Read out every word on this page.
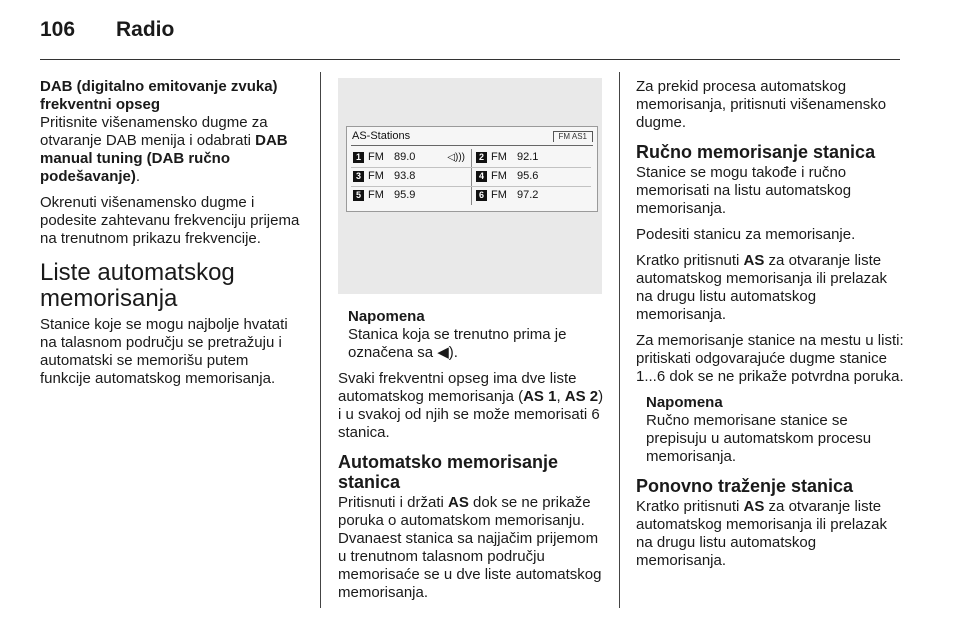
106 Radio

DAB (digitalno emitovanje zvuka) frekventni opseg

Pritisnite višenamensko dugme za otvaranje DAB menija i odabrati DAB manual tuning (DAB ručno podešavanje).

Okrenuti višenamensko dugme i podesite zahtevanu frekvenciju prijema na trenutnom prikazu frekvencije.

Liste automatskog memorisanja

Stanice koje se mogu najbolje hvatati na talasnom području se pretražuju i automatski se memorišu putem funkcije automatskog memorisanja.

AS-Stations	FM AS1
1 FM 89.0	◁)))	2 FM 92.1
3 FM 93.8	4 FM 95.6
5 FM 95.9	6 FM 97.2
Napomena
Stanica koja se trenutno prima je označena sa ◀).

Svaki frekventni opseg ima dve liste automatskog memorisanja (AS 1, AS 2) i u svakoj od njih se može memorisati 6 stanica.

Automatsko memorisanje stanica

Pritisnuti i držati AS dok se ne prikaže poruka o automatskom memorisanju. Dvanaest stanica sa najjačim prijemom u trenutnom talasnom području memorisaće se u dve liste automatskog memorisanja.

Za prekid procesa automatskog memorisanja, pritisnuti višenamensko dugme.

Ručno memorisanje stanica

Stanice se mogu takođe i ručno memorisati na listu automatskog memorisanja.

Podesiti stanicu za memorisanje.

Kratko pritisnuti AS za otvaranje liste automatskog memorisanja ili prelazak na drugu listu automatskog memorisanja.

Za memorisanje stanice na mestu u listi: pritiskati odgovarajuće dugme stanice 1...6 dok se ne prikaže potvrdna poruka.

Napomena
Ručno memorisane stanice se prepisuju u automatskom procesu memorisanja.
Ponovno traženje stanica

Kratko pritisnuti AS za otvaranje liste automatskog memorisanja ili prelazak na drugu listu automatskog memorisanja.
